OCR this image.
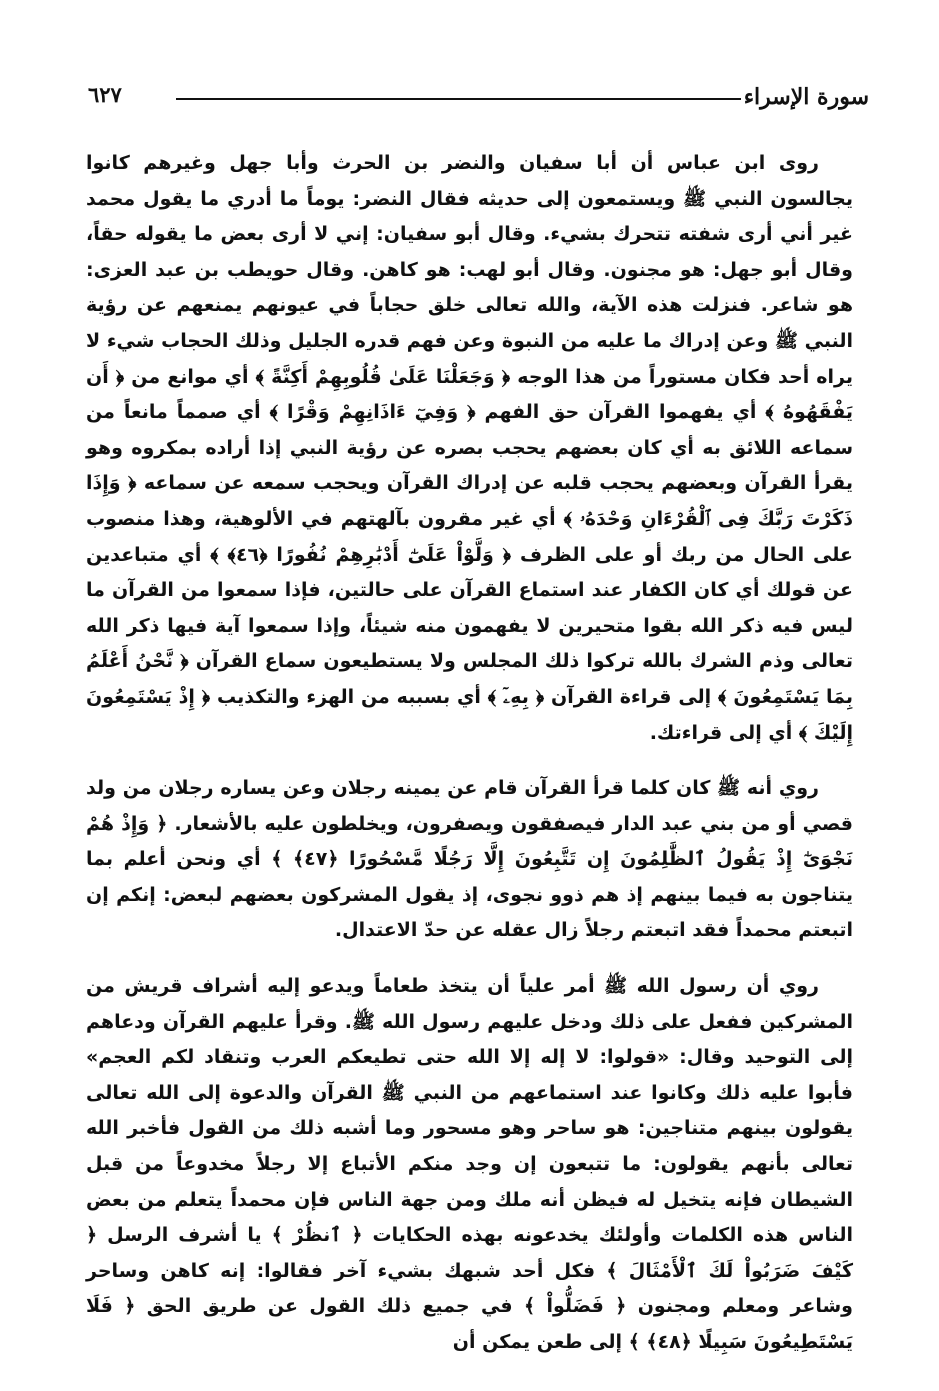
سورة الإسراء
٦٢٧

روى ابن عباس أن أبا سفيان والنضر بن الحرث وأبا جهل وغيرهم كانوا يجالسون النبي ﷺ ويستمعون إلى حديثه فقال النضر: يوماً ما أدري ما يقول محمد غير أني أرى شفته تتحرك بشيء. وقال أبو سفيان: إني لا أرى بعض ما يقوله حقاً، وقال أبو جهل: هو مجنون. وقال أبو لهب: هو كاهن. وقال حويطب بن عبد العزى: هو شاعر. فنزلت هذه الآية، والله تعالى خلق حجاباً في عيونهم يمنعهم عن رؤية النبي ﷺ وعن إدراك ما عليه من النبوة وعن فهم قدره الجليل وذلك الحجاب شيء لا يراه أحد فكان مستوراً من هذا الوجه ﴿ وَجَعَلْنَا عَلَىٰ قُلُوبِهِمْ أَكِنَّةً ﴾ أي موانع من ﴿ أَن يَفْقَهُوهُ ﴾ أي يفهموا القرآن حق الفهم ﴿ وَفِيٓ ءَاذَانِهِمْ وَقْرًا ﴾ أي صمماً مانعاً من سماعه اللائق به أي كان بعضهم يحجب بصره عن رؤية النبي إذا أراده بمكروه وهو يقرأ القرآن وبعضهم يحجب قلبه عن إدراك القرآن ويحجب سمعه عن سماعه ﴿ وَإِذَا ذَكَرْتَ رَبَّكَ فِى ٱلْقُرْءَانِ وَحْدَهُۥ ﴾ أي غير مقرون بآلهتهم في الألوهية، وهذا منصوب على الحال من ربك أو على الظرف ﴿ وَلَّوْاْ عَلَىٰٓ أَدْبَٰرِهِمْ نُفُورًا ﴿٤٦﴾ ﴾ أي متباعدين عن قولك أي كان الكفار عند استماع القرآن على حالتين، فإذا سمعوا من القرآن ما ليس فيه ذكر الله بقوا متحيرين لا يفهمون منه شيئاً، وإذا سمعوا آية فيها ذكر الله تعالى وذم الشرك بالله تركوا ذلك المجلس ولا يستطيعون سماع القرآن ﴿ نَّحْنُ أَعْلَمُ بِمَا يَسْتَمِعُونَ ﴾ إلى قراءة القرآن ﴿ بِهِۦٓ ﴾ أي بسببه من الهزء والتكذيب ﴿ إِذْ يَسْتَمِعُونَ إِلَيْكَ ﴾ أي إلى قراءتك.

روي أنه ﷺ كان كلما قرأ القرآن قام عن يمينه رجلان وعن يساره رجلان من ولد قصي أو من بني عبد الدار فيصفقون ويصفرون، ويخلطون عليه بالأشعار. ﴿ وَإِذْ هُمْ نَجْوَىٰٓ إِذْ يَقُولُ ٱلظَّٰلِمُونَ إِن تَتَّبِعُونَ إِلَّا رَجُلًا مَّسْحُورًا ﴿٤٧﴾ ﴾ أي ونحن أعلم بما يتناجون به فيما بينهم إذ هم ذوو نجوى، إذ يقول المشركون بعضهم لبعض: إنكم إن اتبعتم محمداً فقد اتبعتم رجلاً زال عقله عن حدّ الاعتدال.

روي أن رسول الله ﷺ أمر علياً أن يتخذ طعاماً ويدعو إليه أشراف قريش من المشركين ففعل على ذلك ودخل عليهم رسول الله ﷺ. وقرأ عليهم القرآن ودعاهم إلى التوحيد وقال: «قولوا: لا إله إلا الله حتى تطيعكم العرب وتنقاد لكم العجم» فأبوا عليه ذلك وكانوا عند استماعهم من النبي ﷺ القرآن والدعوة إلى الله تعالى يقولون بينهم متناجين: هو ساحر وهو مسحور وما أشبه ذلك من القول فأخبر الله تعالى بأنهم يقولون: ما تتبعون إن وجد منكم الأتباع إلا رجلاً مخدوعاً من قبل الشيطان فإنه يتخيل له فيظن أنه ملك ومن جهة الناس فإن محمداً يتعلم من بعض الناس هذه الكلمات وأولئك يخدعونه بهذه الحكايات ﴿ ٱنظُرْ ﴾ يا أشرف الرسل ﴿ كَيْفَ ضَرَبُواْ لَكَ ٱلْأَمْثَالَ ﴾ فكل أحد شبهك بشيء آخر فقالوا: إنه كاهن وساحر وشاعر ومعلم ومجنون ﴿ فَضَلُّواْ ﴾ في جميع ذلك القول عن طريق الحق ﴿ فَلَا يَسْتَطِيعُونَ سَبِيلًا ﴿٤٨﴾ ﴾ إلى طعن يمكن أن
